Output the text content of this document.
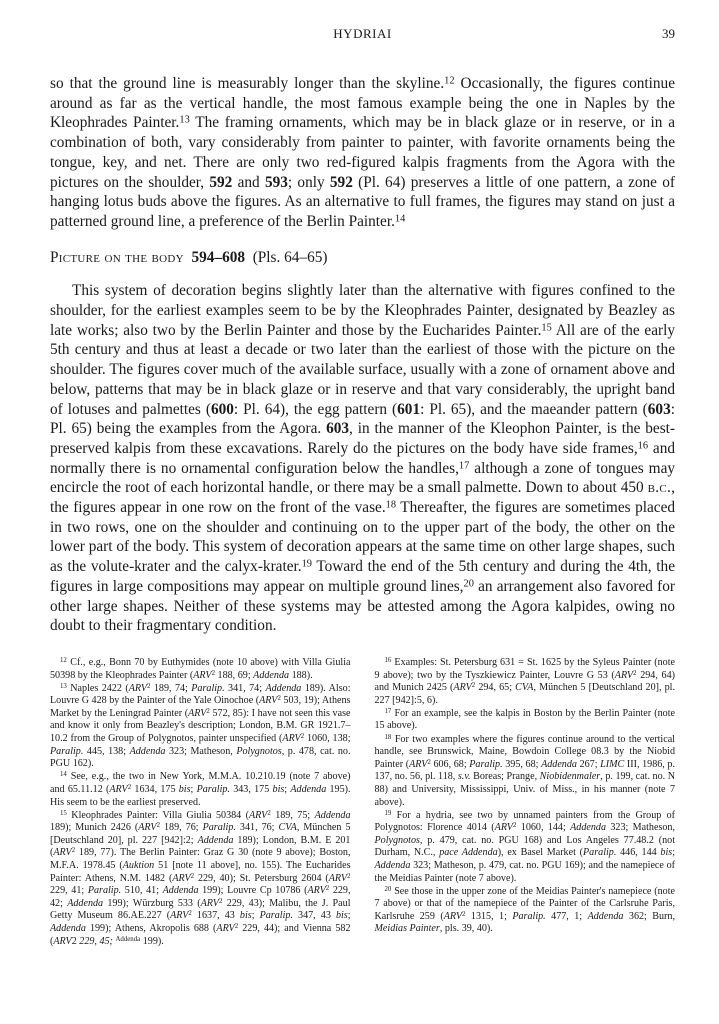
HYDRIAI	39

so that the ground line is measurably longer than the skyline.$^{12}$ Occasionally, the figures continue around as far as the vertical handle, the most famous example being the one in Naples by the Kleophrades Painter.$^{13}$ The framing ornaments, which may be in black glaze or in reserve, or in a combination of both, vary considerably from painter to painter, with favorite ornaments being the tongue, key, and net. There are only two red-figured kalpis fragments from the Agora with the pictures on the shoulder, 592 and 593; only 592 (Pl. 64) preserves a little of one pattern, a zone of hanging lotus buds above the figures. As an alternative to full frames, the figures may stand on just a patterned ground line, a preference of the Berlin Painter.$^{14}$

Picture on the body 594–608 (Pls. 64–65)

This system of decoration begins slightly later than the alternative with figures confined to the shoulder, for the earliest examples seem to be by the Kleophrades Painter, designated by Beazley as late works; also two by the Berlin Painter and those by the Eucharides Painter.$^{15}$ All are of the early 5th century and thus at least a decade or two later than the earliest of those with the picture on the shoulder. The figures cover much of the available surface, usually with a zone of ornament above and below, patterns that may be in black glaze or in reserve and that vary considerably, the upright band of lotuses and palmettes (600: Pl. 64), the egg pattern (601: Pl. 65), and the maeander pattern (603: Pl. 65) being the examples from the Agora. 603, in the manner of the Kleophon Painter, is the best-preserved kalpis from these excavations. Rarely do the pictures on the body have side frames,$^{16}$ and normally there is no ornamental configuration below the handles,$^{17}$ although a zone of tongues may encircle the root of each horizontal handle, or there may be a small palmette. Down to about 450 b.c., the figures appear in one row on the front of the vase.$^{18}$ Thereafter, the figures are sometimes placed in two rows, one on the shoulder and continuing on to the upper part of the body, the other on the lower part of the body. This system of decoration appears at the same time on other large shapes, such as the volute-krater and the calyx-krater.$^{19}$ Toward the end of the 5th century and during the 4th, the figures in large compositions may appear on multiple ground lines,$^{20}$ an arrangement also favored for other large shapes. Neither of these systems may be attested among the Agora kalpides, owing no doubt to their fragmentary condition.

$^{12}$ Cf., e.g., Bonn 70 by Euthymides (note 10 above) with Villa Giulia 50398 by the Kleophrades Painter (ARV$^2$ 188, 69; Addenda 188).

$^{13}$ Naples 2422 (ARV$^2$ 189, 74; Paralip. 341, 74; Addenda 189). Also: Louvre G 428 by the Painter of the Yale Oinochoe (ARV$^2$ 503, 19); Athens Market by the Leningrad Painter (ARV$^2$ 572, 85): I have not seen this vase and know it only from Beazley's description; London, B.M. GR 1921.7–10.2 from the Group of Polygnotos, painter unspecified (ARV$^2$ 1060, 138; Paralip. 445, 138; Addenda 323; Matheson, Polygnotos, p. 478, cat. no. PGU 162).

$^{14}$ See, e.g., the two in New York, M.M.A. 10.210.19 (note 7 above) and 65.11.12 (ARV$^2$ 1634, 175 bis; Paralip. 343, 175 bis; Addenda 195). His seem to be the earliest preserved.

$^{15}$ Kleophrades Painter: Villa Giulia 50384 (ARV$^2$ 189, 75; Addenda 189); Munich 2426 (ARV$^2$ 189, 76; Paralip. 341, 76; CVA, München 5 [Deutschland 20], pl. 227 [942]:2; Addenda 189); London, B.M. E 201 (ARV$^2$ 189, 77). The Berlin Painter: Graz G 30 (note 9 above); Boston, M.F.A. 1978.45 (Auktion 51 [note 11 above], no. 155). The Eucharides Painter: Athens, N.M. 1482 (ARV$^2$ 229, 40); St. Petersburg 2604 (ARV$^2$ 229, 41; Paralip. 510, 41; Addenda 199); Louvre Cp 10786 (ARV$^2$ 229, 42; Addenda 199); Würzburg 533 (ARV$^2$ 229, 43); Malibu, the J. Paul Getty Museum 86.AE.227 (ARV$^2$ 1637, 43 bis; Paralip. 347, 43 bis; Addenda 199); Athens, Akropolis 688 (ARV$^2$ 229, 44); and Vienna 582 (ARV2 229, 45; $^{Addenda}$ 199).

$^{16}$ Examples: St. Petersburg 631 = St. 1625 by the Syleus Painter (note 9 above); two by the Tyszkiewicz Painter, Louvre G 53 (ARV$^2$ 294, 64) and Munich 2425 (ARV$^2$ 294, 65; CVA, München 5 [Deutschland 20], pl. 227 [942]:5, 6).

$^{17}$ For an example, see the kalpis in Boston by the Berlin Painter (note 15 above).

$^{18}$ For two examples where the figures continue around to the vertical handle, see Brunswick, Maine, Bowdoin College 08.3 by the Niobid Painter (ARV$^2$ 606, 68; Paralip. 395, 68; Addenda 267; LIMC III, 1986, p. 137, no. 56, pl. 118, s.v. Boreas; Prange, Niobidenmaler, p. 199, cat. no. N 88) and University, Mississippi, Univ. of Miss., in his manner (note 7 above).

$^{19}$ For a hydria, see two by unnamed painters from the Group of Polygnotos: Florence 4014 (ARV$^2$ 1060, 144; Addenda 323; Matheson, Polygnotos, p. 479, cat. no. PGU 168) and Los Angeles 77.48.2 (not Durham, N.C., pace Addenda), ex Basel Market (Paralip. 446, 144 bis; Addenda 323; Matheson, p. 479, cat. no. PGU 169); and the namepiece of the Meidias Painter (note 7 above).

$^{20}$ See those in the upper zone of the Meidias Painter's namepiece (note 7 above) or that of the namepiece of the Painter of the Carlsruhe Paris, Karlsruhe 259 (ARV$^2$ 1315, 1; Paralip. 477, 1; Addenda 362; Burn, Meidias Painter, pls. 39, 40).
